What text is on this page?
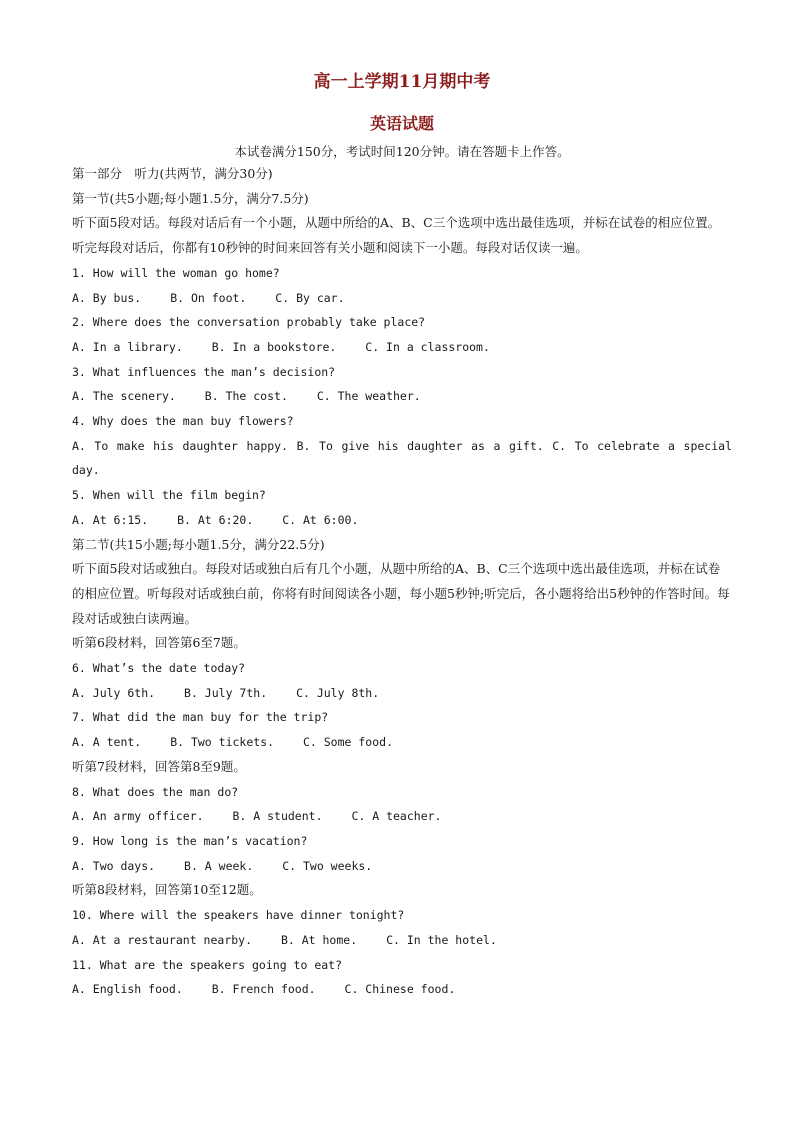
高一上学期11月期中考
英语试题

本试卷满分150分，考试时间120分钟。请在答题卡上作答。

第一部分　听力(共两节，满分30分)

第一节(共5小题;每小题1.5分，满分7.5分)

听下面5段对话。每段对话后有一个小题，从题中所给的A、B、C三个选项中选出最佳选项，并标在试卷的相应位置。听完每段对话后，你都有10秒钟的时间来回答有关小题和阅读下一小题。每段对话仅读一遍。

1. How will the woman go home?

A. By bus.	B. On foot.	C. By car.

2. Where does the conversation probably take place?

A. In a library.	B. In a bookstore.	C. In a classroom.

3. What influences the man’s decision?

A. The scenery.	B. The cost.	C. The weather.

4. Why does the man buy flowers?

A. To make his daughter happy. B. To give his daughter as a gift. C. To celebrate a special day.

5. When will the film begin?

A. At 6:15.	B. At 6:20.	C. At 6:00.

第二节(共15小题;每小题1.5分，满分22.5分)

听下面5段对话或独白。每段对话或独白后有几个小题，从题中所给的A、B、C三个选项中选出最佳选项，并标在试卷的相应位置。听每段对话或独白前，你将有时间阅读各小题，每小题5秒钟;听完后，各小题将给出5秒钟的作答时间。每段对话或独白读两遍。

听第6段材料，回答第6至7题。

6. What’s the date today?

A. July 6th.	B. July 7th.	C. July 8th.

7. What did the man buy for the trip?

A. A tent.	B. Two tickets.	C. Some food.

听第7段材料，回答第8至9题。

8. What does the man do?

A. An army officer.	B. A student.	C. A teacher.

9. How long is the man’s vacation?

A. Two days.	B. A week.	C. Two weeks.

听第8段材料，回答第10至12题。

10. Where will the speakers have dinner tonight?

A. At a restaurant nearby.	B. At home.	C. In the hotel.

11. What are the speakers going to eat?

A. English food.	B. French food.	C. Chinese food.
